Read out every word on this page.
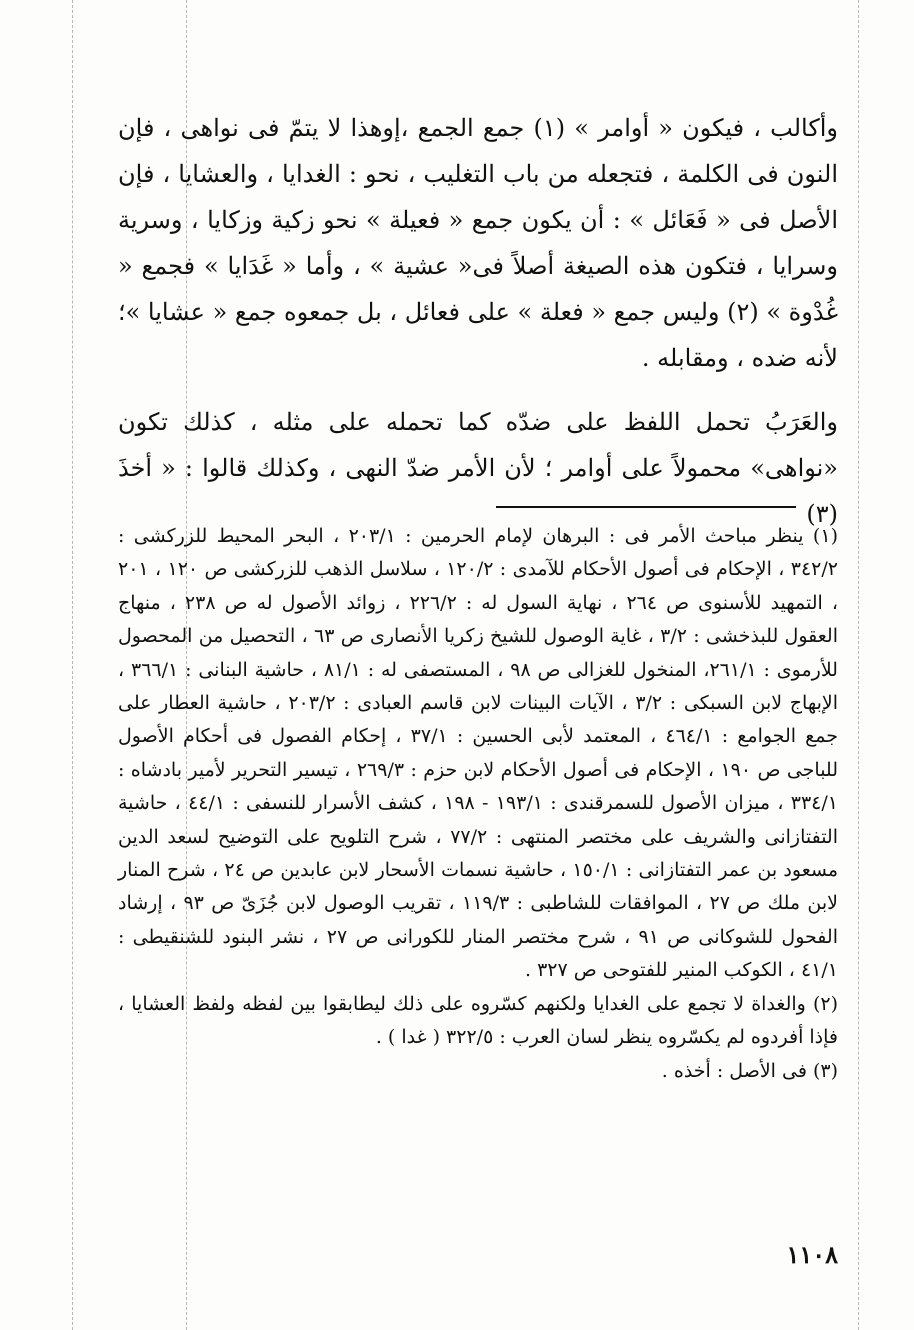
وأكالب ، فيكون « أوامر » (١) جمع الجمع ،إوهذا لا يتمّ فى نواهى ، فإن النون فى الكلمة ، فتجعله من باب التغليب ، نحو : الغدايا ، والعشايا ، فإن الأصل فى « فَعَائل » : أن يكون جمع « فعيلة » نحو زكية وزكايا ، وسرية وسرايا ، فتكون هذه الصيغة أصلاً فى« عشية » ، وأما « غَدَايا » فجمع « غُدْوة » (٢) وليس جمع « فعلة » على فعائل ، بل جمعوه جمع « عشايا »؛ لأنه ضده ، ومقابله .

والعَرَبُ تحمل اللفظ على ضدّه كما تحمله على مثله ، كذلك تكون «نواهى» محمولاً على أوامر ؛ لأن الأمر ضدّ النهى ، وكذلك قالوا : « أخذَ (٣)

(١) ينظر مباحث الأمر فى : البرهان لإمام الحرمين : ٢٠٣/١ ، البحر المحيط للزركشى : ٣٤٢/٢ ، الإحكام فى أصول الأحكام للآمدى : ١٢٠/٢ ، سلاسل الذهب للزركشى ص ١٢٠ ، ٢٠١ ، التمهيد للأسنوى ص ٢٦٤ ، نهاية السول له : ٢٢٦/٢ ، زوائد الأصول له ص ٢٣٨ ، منهاج العقول للبذخشى : ٣/٢ ، غاية الوصول للشيخ زكريا الأنصارى ص ٦٣ ، التحصيل من المحصول للأرموى : ٢٦١/١، المنخول للغزالى ص ٩٨ ، المستصفى له : ٨١/١ ، حاشية البنانى : ٣٦٦/١ ، الإبهاج لابن السبكى : ٣/٢ ، الآيات البينات لابن قاسم العبادى : ٢٠٣/٢ ، حاشية العطار على جمع الجوامع : ٤٦٤/١ ، المعتمد لأبى الحسين : ٣٧/١ ، إحكام الفصول فى أحكام الأصول للباجى ص ١٩٠ ، الإحكام فى أصول الأحكام لابن حزم : ٢٦٩/٣ ، تيسير التحرير لأمير بادشاه : ٣٣٤/١ ، ميزان الأصول للسمرقندى : ١٩٣/١ - ١٩٨ ، كشف الأسرار للنسفى : ٤٤/١ ، حاشية التفتازانى والشريف على مختصر المنتهى : ٧٧/٢ ، شرح التلويح على التوضيح لسعد الدين مسعود بن عمر التفتازانى : ١٥٠/١ ، حاشية نسمات الأسحار لابن عابدين ص ٢٤ ، شرح المنار لابن ملك ص ٢٧ ، الموافقات للشاطبى : ١١٩/٣ ، تقريب الوصول لابن جُزَىّ ص ٩٣ ، إرشاد الفحول للشوكانى ص ٩١ ، شرح مختصر المنار للكورانى ص ٢٧ ، نشر البنود للشنقيطى : ٤١/١ ، الكوكب المنير للفتوحى ص ٣٢٧ .

(٢) والغداة لا تجمع على الغدايا ولكنهم كسّروه على ذلك ليطابقوا بين لفظه ولفظ العشايا ، فإذا أفردوه لم يكسّروه ينظر لسان العرب : ٣٢٢/٥ ( غدا ) .

(٣) فى الأصل : أخذه .

١١٠٨
